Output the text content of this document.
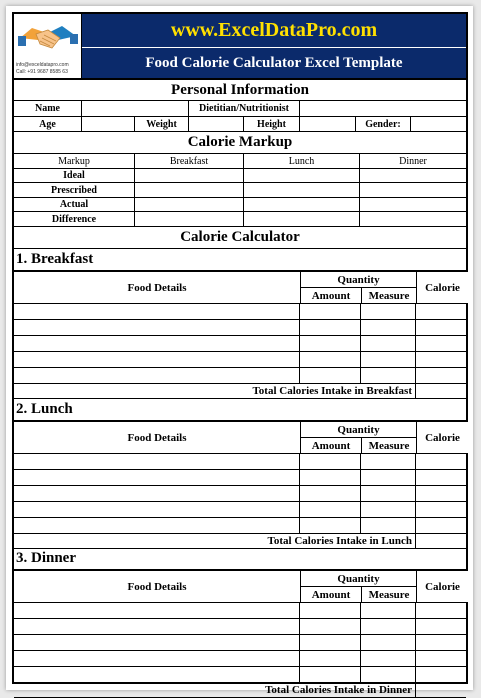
info@exceldatapro.com
Call: +91 9687 8585 63
www.ExcelDataPro.com
Food Calorie Calculator Excel Template
Personal Information
Name	Dietitian/Nutritionist
Age	Weight	Height	Gender:
Calorie Markup
Markup	Breakfast	Lunch	Dinner
Ideal
Prescribed
Actual
Difference
Calorie Calculator
1. Breakfast
Food Details
Quantity
Amount	Measure
Calorie
Total Calories Intake in Breakfast
2. Lunch
Food Details
Quantity
Amount	Measure
Calorie
Total Calories Intake in Lunch
3. Dinner
Food Details
Quantity
Amount	Measure
Calorie
Total Calories Intake in Dinner
